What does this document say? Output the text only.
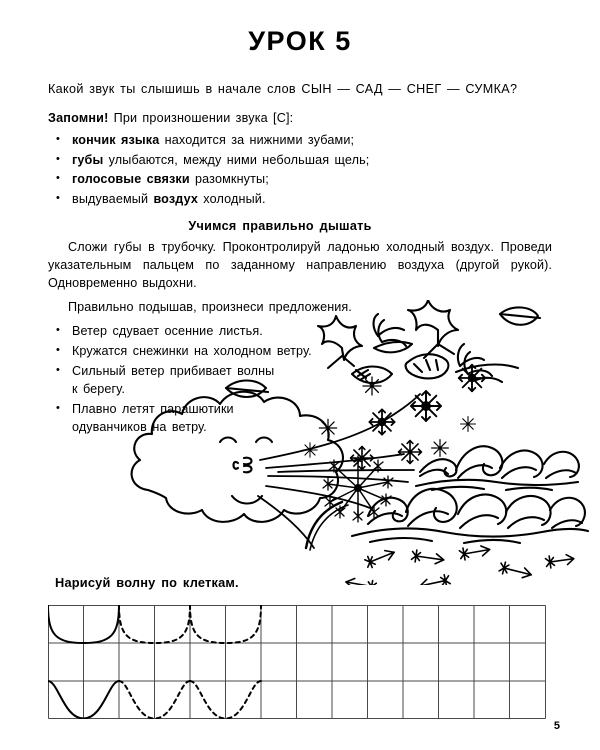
УРОК 5
Какой звук ты слышишь в начале слов СЫН — САД — СНЕГ — СУМКА?
Запомни! При произношении звука [С]:
• кончик языка находится за нижними зубами;
• губы улыбаются, между ними небольшая щель;
• голосовые связки разомкнуты;
• выдуваемый воздух холодный.
Учимся правильно дышать
Сложи губы в трубочку. Проконтролируй ладонью холодный воздух. Проведи указательным пальцем по заданному направлению воздуха (другой рукой). Одновременно выдохни.
Правильно подышав, произнеси предложения.
• Ветер сдувает осенние листья.
• Кружатся снежинки на холодном ветру.
• Сильный ветер прибивает волны
к берегу.
• Плавно летят парашютики
одуванчиков на ветру.
Нарисуй волну по клеткам.
5
